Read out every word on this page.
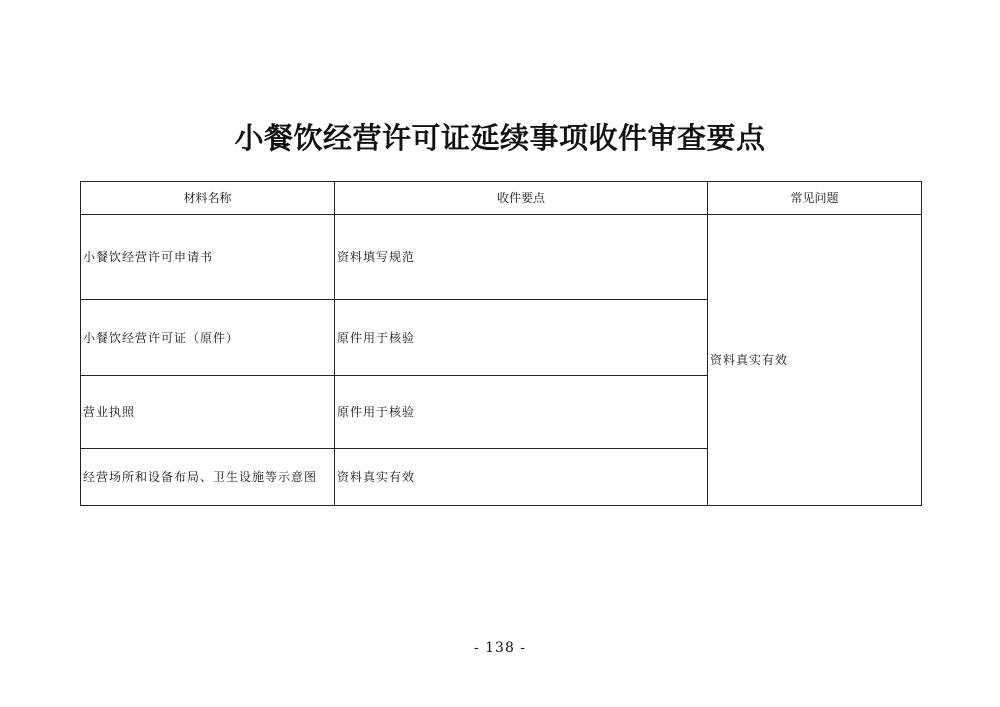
小餐饮经营许可证延续事项收件审查要点
材料名称	收件要点	常见问题
小餐饮经营许可申请书	资料填写规范	资料真实有效
小餐饮经营许可证（原件）	原件用于核验	
营业执照	原件用于核验	
经营场所和设备布局、卫生设施等示意图	资料真实有效	
- 138 -
